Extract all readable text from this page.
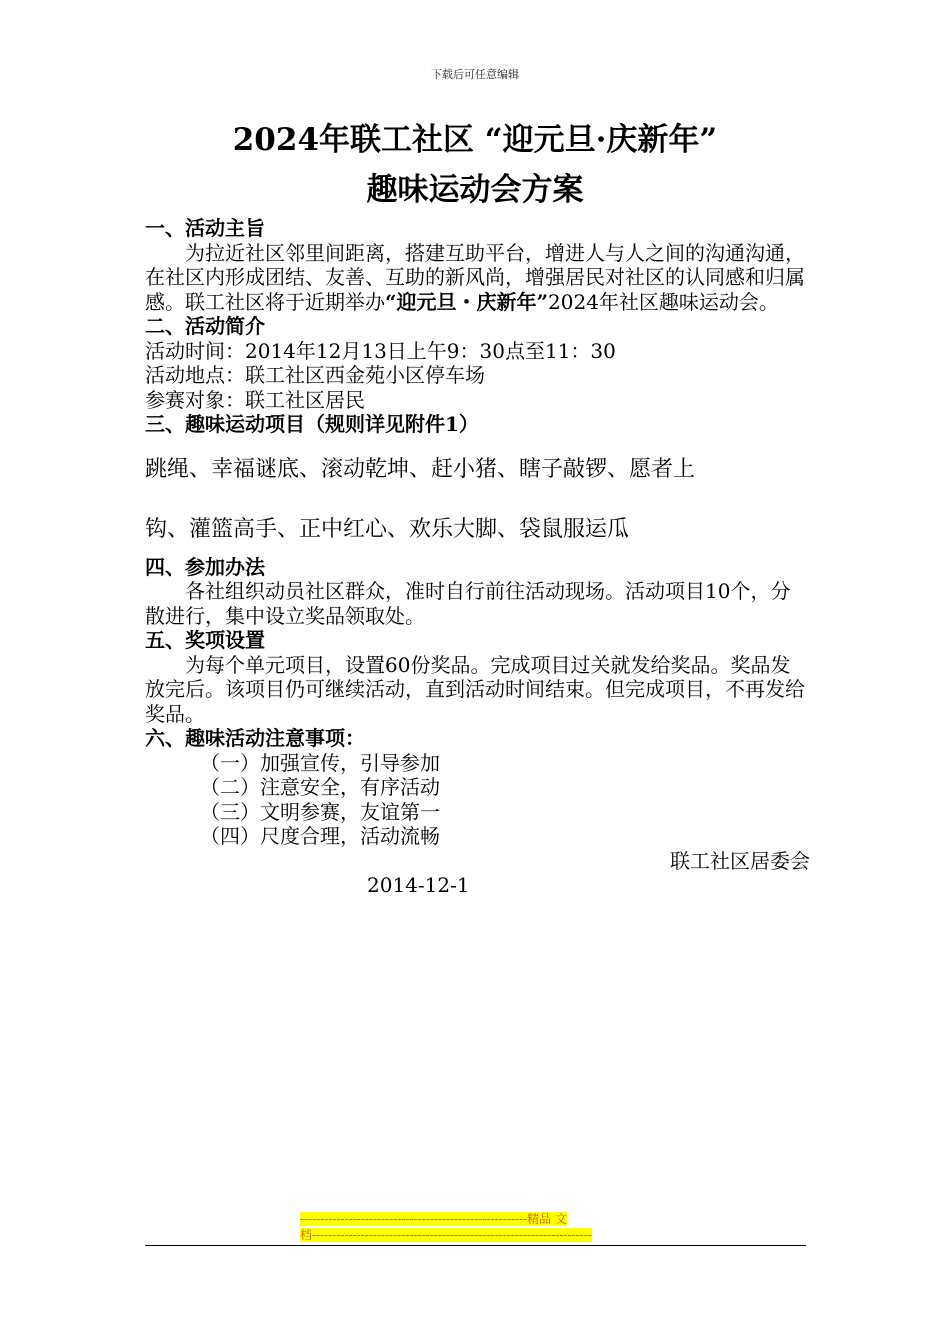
下载后可任意编辑
2024年联工社区 “迎元旦·庆新年”
趣味运动会方案
一、活动主旨
为拉近社区邻里间距离，搭建互助平台，增进人与人之间的沟通沟通，在社区内形成团结、友善、互助的新风尚，增强居民对社区的认同感和归属感。联工社区将于近期举办“迎元旦・庆新年”2024年社区趣味运动会。
二、活动简介
活动时间：2014年12月13日上午9：30点至11：30
活动地点：联工社区西金苑小区停车场
参赛对象：联工社区居民
三、趣味运动项目（规则详见附件1）
跳绳、幸福谜底、滚动乾坤、赶小猪、瞎子敲锣、愿者上
钩、灌篮高手、正中红心、欢乐大脚、袋鼠服运瓜
四、参加办法
各社组织动员社区群众，准时自行前往活动现场。活动项目10个，分散进行，集中设立奖品领取处。
五、奖项设置
为每个单元项目，设置60份奖品。完成项目过关就发给奖品。奖品发放完后。该项目仍可继续活动，直到活动时间结束。但完成项目，不再发给奖品。
六、趣味活动注意事项：
（一）加强宣传，引导参加
（二）注意安全，有序活动
（三）文明参赛，友谊第一
（四）尺度合理，活动流畅
联工社区居委会
2014-12-1
--------------------------------------------------------精品 文
档---------------------------------------------------------------------
